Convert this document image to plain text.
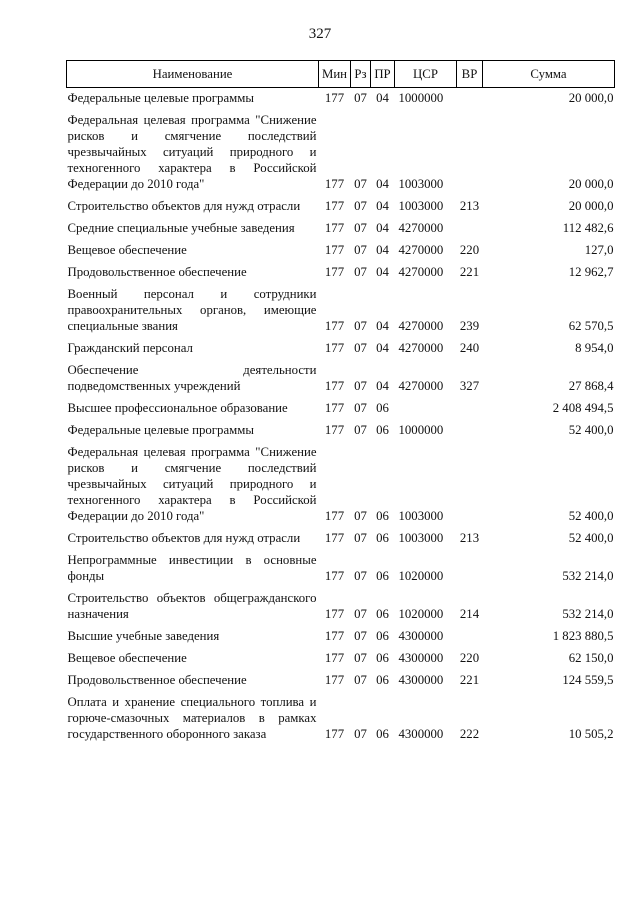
327
Наименование	Мин	Рз	ПР	ЦСР	ВР	Сумма
Федеральные целевые программы	177	07	04	1000000		20 000,0
Федеральная целевая программа "Снижение рисков и смягчение последствий чрезвычайных ситуаций природного и техногенного характера в Российской Федерации до 2010 года"	177	07	04	1003000		20 000,0
Строительство объектов для нужд отрасли	177	07	04	1003000	213	20 000,0
Средние специальные учебные заведения	177	07	04	4270000		112 482,6
Вещевое обеспечение	177	07	04	4270000	220	127,0
Продовольственное обеспечение	177	07	04	4270000	221	12 962,7
Военный персонал и сотрудники правоохранительных органов, имеющие специальные звания	177	07	04	4270000	239	62 570,5
Гражданский персонал	177	07	04	4270000	240	8 954,0
Обеспечение деятельности подведомственных учреждений	177	07	04	4270000	327	27 868,4
Высшее профессиональное образование	177	07	06			2 408 494,5
Федеральные целевые программы	177	07	06	1000000		52 400,0
Федеральная целевая программа "Снижение рисков и смягчение последствий чрезвычайных ситуаций природного и техногенного характера в Российской Федерации до 2010 года"	177	07	06	1003000		52 400,0
Строительство объектов для нужд отрасли	177	07	06	1003000	213	52 400,0
Непрограммные инвестиции в основные фонды	177	07	06	1020000		532 214,0
Строительство объектов общегражданского назначения	177	07	06	1020000	214	532 214,0
Высшие учебные заведения	177	07	06	4300000		1 823 880,5
Вещевое обеспечение	177	07	06	4300000	220	62 150,0
Продовольственное обеспечение	177	07	06	4300000	221	124 559,5
Оплата и хранение специального топлива и горюче-смазочных материалов в рамках государственного оборонного заказа	177	07	06	4300000	222	10 505,2
